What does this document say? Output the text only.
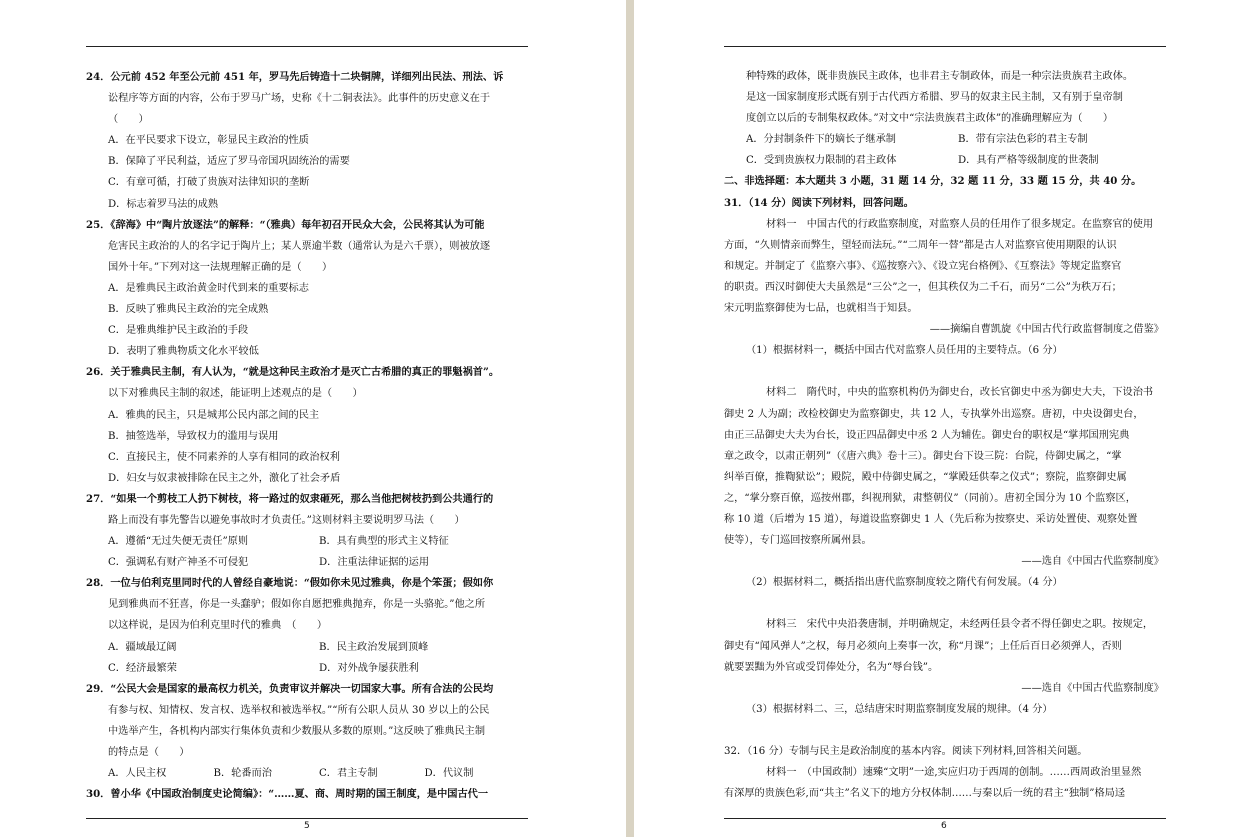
24．公元前 452 年至公元前 451 年，罗马先后铸造十二块铜牌，详细列出民法、刑法、诉
讼程序等方面的内容，公布于罗马广场，史称《十二铜表法》。此事件的历史意义在于
（　　）
A．在平民要求下设立，彰显民主政治的性质
B．保障了平民利益，适应了罗马帝国巩固统治的需要
C．有章可循，打破了贵族对法律知识的垄断
D．标志着罗马法的成熟
25．《辞海》中“陶片放逐法”的解释：“（雅典）每年初召开民众大会，公民将其认为可能
危害民主政治的人的名字记于陶片上；某人票逾半数（通常认为是六千票），则被放逐
国外十年。”下列对这一法规理解正确的是（　　）
A．是雅典民主政治黄金时代到来的重要标志
B．反映了雅典民主政治的完全成熟
C．是雅典维护民主政治的手段
D．表明了雅典物质文化水平较低
26．关于雅典民主制，有人认为，“就是这种民主政治才是灭亡古希腊的真正的罪魁祸首”。
以下对雅典民主制的叙述，能证明上述观点的是（　　）
A．雅典的民主，只是城邦公民内部之间的民主
B．抽签选举，导致权力的滥用与误用
C．直接民主，使不同素养的人享有相同的政治权利
D．妇女与奴隶被排除在民主之外，激化了社会矛盾
27．“如果一个剪枝工人扔下树枝，将一路过的奴隶砸死，那么当他把树枝扔到公共通行的
路上而没有事先警告以避免事故时才负责任。”这则材料主要说明罗马法（　　）
A．遵循“无过失便无责任”原则	B．具有典型的形式主义特征
C．强调私有财产神圣不可侵犯	D．注重法律证据的运用
28．一位与伯利克里同时代的人曾经自豪地说：“假如你未见过雅典，你是个笨蛋；假如你
见到雅典而不狂喜，你是一头蠢驴；假如你自愿把雅典抛弃，你是一头骆驼。”他之所
以这样说，是因为伯利克里时代的雅典　（　　）
A．疆域最辽阔	B．民主政治发展到顶峰
C．经济最繁荣	D．对外战争屡获胜利
29．“公民大会是国家的最高权力机关，负责审议并解决一切国家大事。所有合法的公民均
有参与权、知情权、发言权、选举权和被选举权。”“所有公职人员从 30 岁以上的公民
中选举产生，各机构内部实行集体负责和少数服从多数的原则。”这反映了雅典民主制
的特点是（　　）
A．人民主权	B．轮番而治	C．君主专制	D．代议制
30．曾小华《中国政治制度史论简编》：“……夏、商、周时期的国王制度，是中国古代一
5	6
种特殊的政体，既非贵族民主政体，也非君主专制政体，而是一种宗法贵族君主政体。
是这一国家制度形式既有别于古代西方希腊、罗马的奴隶主民主制，又有别于皇帝制
度创立以后的专制集权政体。”对文中“宗法贵族君主政体”的准确理解应为（　　）
A．分封制条件下的嫡长子继承制	B．带有宗法色彩的君主专制
C．受到贵族权力限制的君主政体	D．具有严格等级制度的世袭制
二、非选择题：本大题共 3 小题，31 题 14 分，32 题 11 分，33 题 15 分，共 40 分。
31．（14 分）阅读下列材料，回答问题。
材料一　中国古代的行政监察制度，对监察人员的任用作了很多规定。在监察官的使用
方面，“久则情亲而弊生，望轻而法玩。”“二周年一替”都是古人对监察官使用期限的认识
和规定。并制定了《监察六事》、《巡按察六》、《设立宪台格例》、《互察法》等规定监察官
的职责。西汉时御使大夫虽然是“三公”之一，但其秩仅为二千石，而另“二公”为秩万石；
宋元明监察御使为七品，也就相当于知县。
——摘编自曹凯旋《中国古代行政监督制度之借鉴》
（1）根据材料一，概括中国古代对监察人员任用的主要特点。（6 分）
材料二　隋代时，中央的监察机构仍为御史台，改长官御史中丞为御史大夫，下设治书
御史 2 人为副；改检校御史为监察御史，共 12 人，专执掌外出巡察。唐初，中央设御史台，
由正三品御史大夫为台长，设正四品御史中丞 2 人为辅佐。御史台的职权是“掌邦国刑宪典
章之政令，以肃正朝列”（《唐六典》卷十三）。御史台下设三院：台院，侍御史属之，“掌
纠举百僚，推鞫狱讼”；殿院，殿中侍御史属之，“掌殿廷供奉之仪式”；察院，监察御史属
之，“掌分察百僚，巡按州郡，纠视刑狱，肃整朝仪”（同前）。唐初全国分为 10 个监察区，
称 10 道（后增为 15 道），每道设监察御史 1 人（先后称为按察史、采访处置使、观察处置
使等），专门巡回按察所属州县。
——选自《中国古代监察制度》
（2）根据材料二，概括指出唐代监察制度较之隋代有何发展。（4 分）
材料三　宋代中央沿袭唐制，并明确规定，未经两任县令者不得任御史之职。按规定，
御史有“闻风弹人”之权，每月必须向上奏事一次，称“月课”；上任后百日必须弹人，否则
就要罢黜为外官或受罚俸处分，名为“辱台钱”。
——选自《中国古代监察制度》
（3）根据材料二、三，总结唐宋时期监察制度发展的规律。（4 分）
32．（16 分）专制与民主是政治制度的基本内容。阅读下列材料,回答相关问题。
材料一　（中国政制）速臻“文明”一途,实应归功于西周的创制。……西周政治里显然
有深厚的贵族色彩,而“共主”名义下的地方分权体制……与秦以后一统的君主“独制”格局迳
